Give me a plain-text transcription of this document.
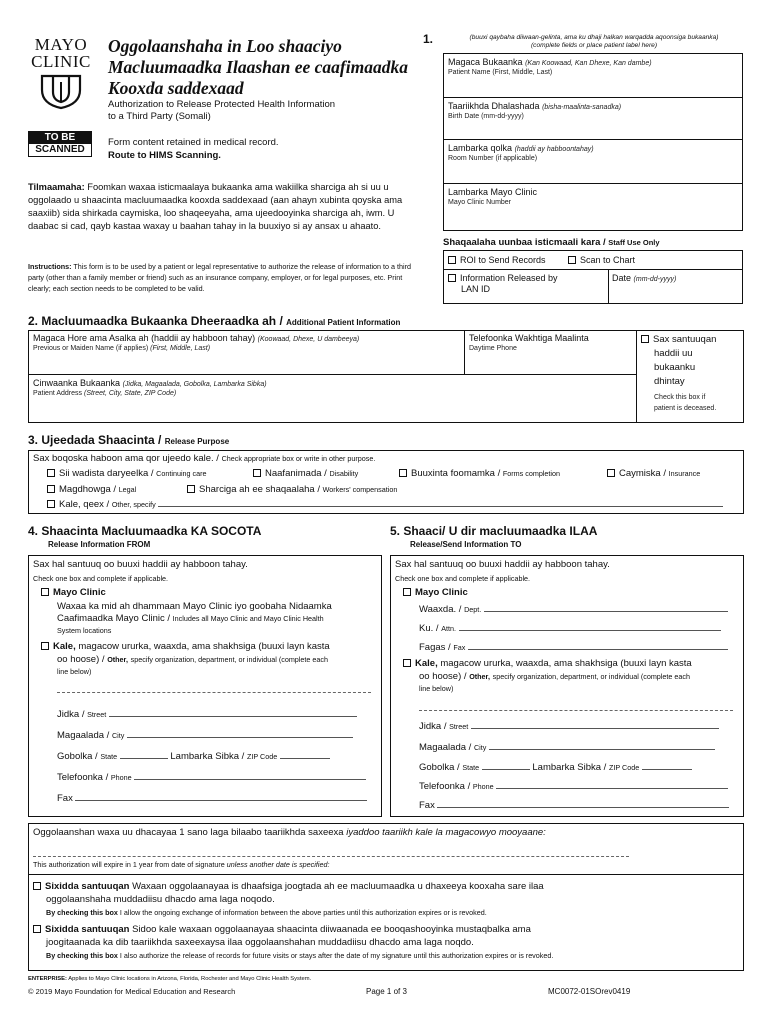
MAYO
CLINIC
Oggolaanshaha in Loo shaaciyo Macluumaadka Ilaashan ee caafimaadka Kooxda saddexaad
Authorization to Release Protected Health Information
to a Third Party (Somali)
TO BE
SCANNED
Form content retained in medical record.
Route to HIMS Scanning.
Tilmaamaha: Foomkan waxaa isticmaalaya bukaanka ama wakiilka sharciga ah si uu u oggolaado u shaacinta macluumaadka kooxda saddexaad (aan ahayn xubinta qoyska ama saaxiib) sida shirkada caymiska, loo shaqeeyaha, ama ujeedooyinka sharciga ah, iwm. U daabac si cad, qayb kastaa waxay u baahan tahay in la buuxiyo si ay ansax u ahaato.
Instructions: This form is to be used by a patient or legal representative to authorize the release of information to a third party (other than a family member or friend) such as an insurance company, employer, or for legal purposes, etc. Print clearly; each section needs to be completed to be valid.
1.	(buuxi qaybaha diiwaan-gelinta, ama ku dhaji halkan warqadda aqoonsiga bukaanka)
(complete fields or place patient label here)
Magaca Bukaanka (Kan Koowaad, Kan Dhexe, Kan dambe)
Patient Name (First, Middle, Last)
Taariikhda Dhalashada (bisha-maalinta-sanadka)
Birth Date (mm-dd-yyyy)
Lambarka qolka (haddii ay habboontahay)
Room Number (if applicable)
Lambarka Mayo Clinic
Mayo Clinic Number
Shaqaalaha uunbaa isticmaali kara / Staff Use Only
ROI to Send Records	Scan to Chart
Information Released by
LAN ID
Date (mm-dd-yyyy)
2. Macluumaadka Bukaanka Dheeraadka ah / Additional Patient Information
Magaca Hore ama Asalka ah (haddii ay habboon tahay) (Koowaad, Dhexe, U dambeeya)
Previous or Maiden Name (if applies) (First, Middle, Last)
Telefoonka Wakhtiga Maalinta
Daytime Phone
Cinwaanka Bukaanka (Jidka, Magaalada, Gobolka, Lambarka Sibka)
Patient Address (Street, City, State, ZIP Code)
Sax santuuqan
haddii uu
bukaanku
dhintay
Check this box if
patient is deceased.
3. Ujeedada Shaacinta / Release Purpose
Sax boqoska haboon ama qor ujeedo kale. / Check appropriate box or write in other purpose.
Sii wadista daryeelka / Continuing care	Naafanimada / Disability	Buuxinta foomamka / Forms completion	Caymiska / Insurance
Magdhowga / Legal	Sharciga ah ee shaqaalaha / Workers' compensation
Kale, qeex / Other, specify
4. Shaacinta Macluumaadka KA SOCOTA
Release Information FROM
Sax hal santuuq oo buuxi haddii ay habboon tahay.
Check one box and complete if applicable.
Mayo Clinic
Waxaa ka mid ah dhammaan Mayo Clinic iyo goobaha Nidaamka
Caafimaadka Mayo Clinic / Includes all Mayo Clinic and Mayo Clinic Health
System locations
Kale, magacow ururka, waaxda, ama shakhsiga (buuxi layn kasta
oo hoose) / Other, specify organization, department, or individual (complete each
line below)
Jidka / Street
Magaalada / City
Gobolka / State	Lambarka Sibka / ZIP Code
Telefoonka / Phone
Fax
5. Shaaci/ U dir macluumaadka ILAA
Release/Send Information TO
Sax hal santuuq oo buuxi haddii ay habboon tahay.
Check one box and complete if applicable.
Mayo Clinic
Waaxda. / Dept.
Ku. / Attn.
Fagas / Fax
Kale, magacow ururka, waaxda, ama shakhsiga (buuxi layn kasta
oo hoose) / Other, specify organization, department, or individual (complete each
line below)
Jidka / Street
Magaalada / City
Gobolka / State	Lambarka Sibka / ZIP Code
Telefoonka / Phone
Fax
Oggolaanshan waxa uu dhacayaa 1 sano laga bilaabo taariikhda saxeexa iyaddoo taariikh kale la magacowyo mooyaane:
This authorization will expire in 1 year from date of signature unless another date is specified:
Sixidda santuuqan Waxaan oggolaanayaa is dhaafsiga joogtada ah ee macluumaadka u dhaxeeya kooxaha sare ilaa
oggolaanshaha muddadiisu dhacdo ama laga noqodo.
By checking this box I allow the ongoing exchange of information between the above parties until this authorization expires or is revoked.
Sixidda santuuqan Sidoo kale waxaan oggolaanayaa shaacinta diiwaanada ee booqashooyinka mustaqbalka ama
joogitaanada ka dib taariikhda saxeexaysa ilaa oggolaanshahan muddadiisu dhacdo ama laga noqdo.
By checking this box I also authorize the release of records for future visits or stays after the date of my signature until this authorization expires or is revoked.
ENTERPRISE: Applies to Mayo Clinic locations in Arizona, Florida, Rochester and Mayo Clinic Health System.
© 2019 Mayo Foundation for Medical Education and Research	Page 1 of 3	MC0072-01SOrev0419
